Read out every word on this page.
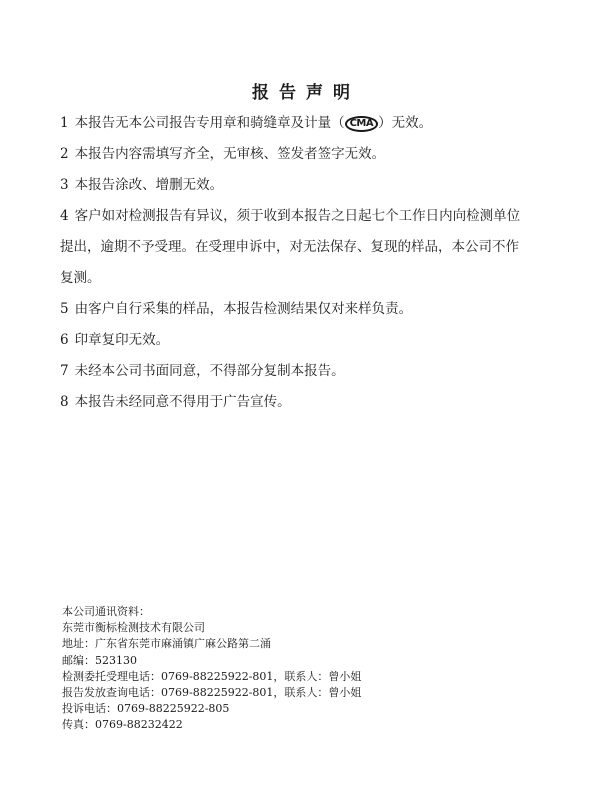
报告声明

1 本报告无本公司报告专用章和骑缝章及计量（ CMA ）无效。

2 本报告内容需填写齐全，无审核、签发者签字无效。

3 本报告涂改、增删无效。

4 客户如对检测报告有异议，须于收到本报告之日起七个工作日内向检测单位
提出，逾期不予受理。在受理申诉中，对无法保存、复现的样品，本公司不作
复测。

5 由客户自行采集的样品，本报告检测结果仅对来样负责。

6 印章复印无效。

7 未经本公司书面同意，不得部分复制本报告。

8 本报告未经同意不得用于广告宣传。

本公司通讯资料：
东莞市衡标检测技术有限公司
地址：广东省东莞市麻涌镇广麻公路第二涌
邮编：523130
检测委托受理电话：0769-88225922-801，联系人：曾小姐
报告发放查询电话：0769-88225922-801，联系人：曾小姐
投诉电话：0769-88225922-805
传真：0769-88232422
